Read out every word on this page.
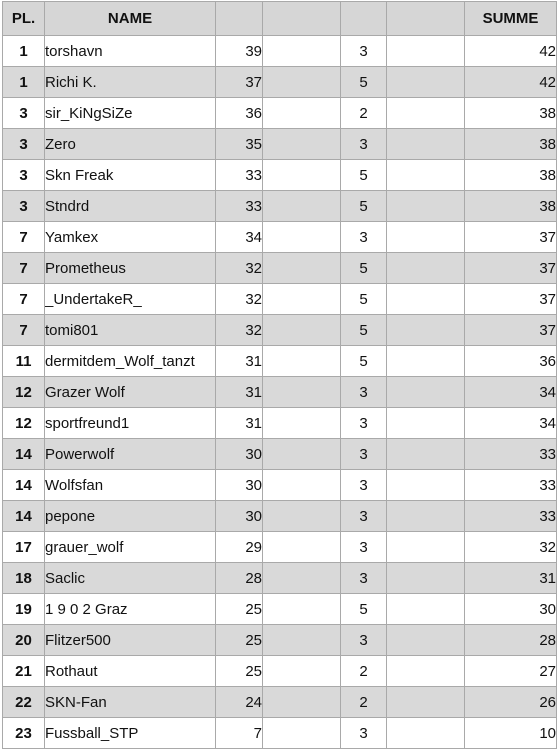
PL.	NAME					SUMME
1	torshavn	39		3		42
1	Richi K.	37		5		42
3	sir_KiNgSiZe	36		2		38
3	Zero	35		3		38
3	Skn Freak	33		5		38
3	Stndrd	33		5		38
7	Yamkex	34		3		37
7	Prometheus	32		5		37
7	_UndertakeR_	32		5		37
7	tomi801	32		5		37
11	dermitdem_Wolf_tanzt	31		5		36
12	Grazer Wolf	31		3		34
12	sportfreund1	31		3		34
14	Powerwolf	30		3		33
14	Wolfsfan	30		3		33
14	pepone	30		3		33
17	grauer_wolf	29		3		32
18	Saclic	28		3		31
19	1 9 0 2 Graz	25		5		30
20	Flitzer500	25		3		28
21	Rothaut	25		2		27
22	SKN-Fan	24		2		26
23	Fussball_STP	7		3		10
